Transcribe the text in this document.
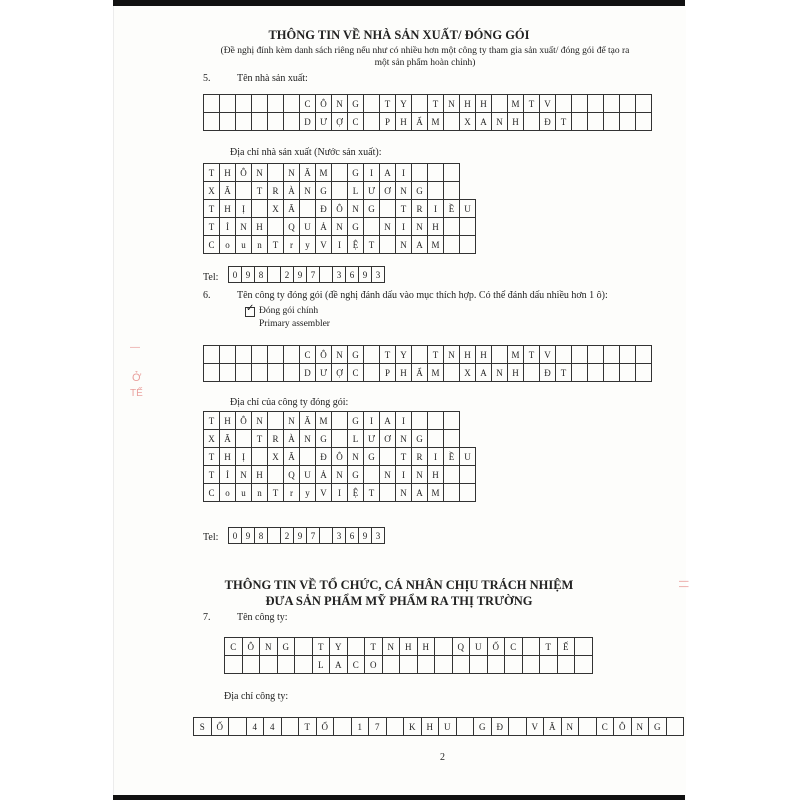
—
Ở
TẾ
| |
THÔNG TIN VỀ NHÀ SẢN XUẤT/ ĐÓNG GÓI
(Đề nghị đính kèm danh sách riêng nếu như có nhiều hơn một công ty tham gia sản xuất/ đóng gói để tạo ra
một sản phẩm hoàn chỉnh)
5.	Tên nhà sản xuất:
						C	Ô	N	G		T	Y		T	N	H	H		M	T	V						
						D	Ư	Ợ	C		P	H	Ẩ	M		X	A	N	H		Đ	T					
Địa chỉ nhà sản xuất (Nước sản xuất):
T	H	Ô	N		N	Ă	M		G	I	A	I				
X	Ã		T	R	À	N	G		L	Ư	Ơ	N	G			
T	H	Ị		X	Ã		Đ	Ô	N	G		T	R	I	Ề	U
T	Ỉ	N	H		Q	U	Ả	N	G		N	I	N	H		
C	o	u	n	T	r	y	V	I	Ệ	T		N	A	M		
Tel: 0	9	8		2	9	7		3	6	9	3
6.	Tên công ty đóng gói (đề nghị đánh dấu vào mục thích hợp. Có thể đánh dấu nhiều hơn 1 ô):
✓ Đóng gói chính
Primary assembler
						C	Ô	N	G		T	Y		T	N	H	H		M	T	V						
						D	Ư	Ợ	C		P	H	Ẩ	M		X	A	N	H		Đ	T					
Địa chỉ của công ty đóng gói:
T	H	Ô	N		N	Ă	M		G	I	A	I				
X	Ã		T	R	À	N	G		L	Ư	Ơ	N	G			
T	H	Ị		X	Ã		Đ	Ô	N	G		T	R	I	Ề	U
T	Ỉ	N	H		Q	U	Ả	N	G		N	I	N	H		
C	o	u	n	T	r	y	V	I	Ệ	T		N	A	M		
Tel: 0	9	8		2	9	7		3	6	9	3
THÔNG TIN VỀ TỔ CHỨC, CÁ NHÂN CHỊU TRÁCH NHIỆM
ĐƯA SẢN PHẨM MỸ PHẨM RA THỊ TRƯỜNG
7.	Tên công ty:
C	Ô	N	G		T	Y		T	N	H	H		Q	U	Ố	C		T	Ế	
					L	A	C	O												
Địa chỉ công ty:
S	Ố		4	4		T	Ổ		1	7		K	H	U		G	Đ		V	Ă	N		C	Ô	N	G	
2
